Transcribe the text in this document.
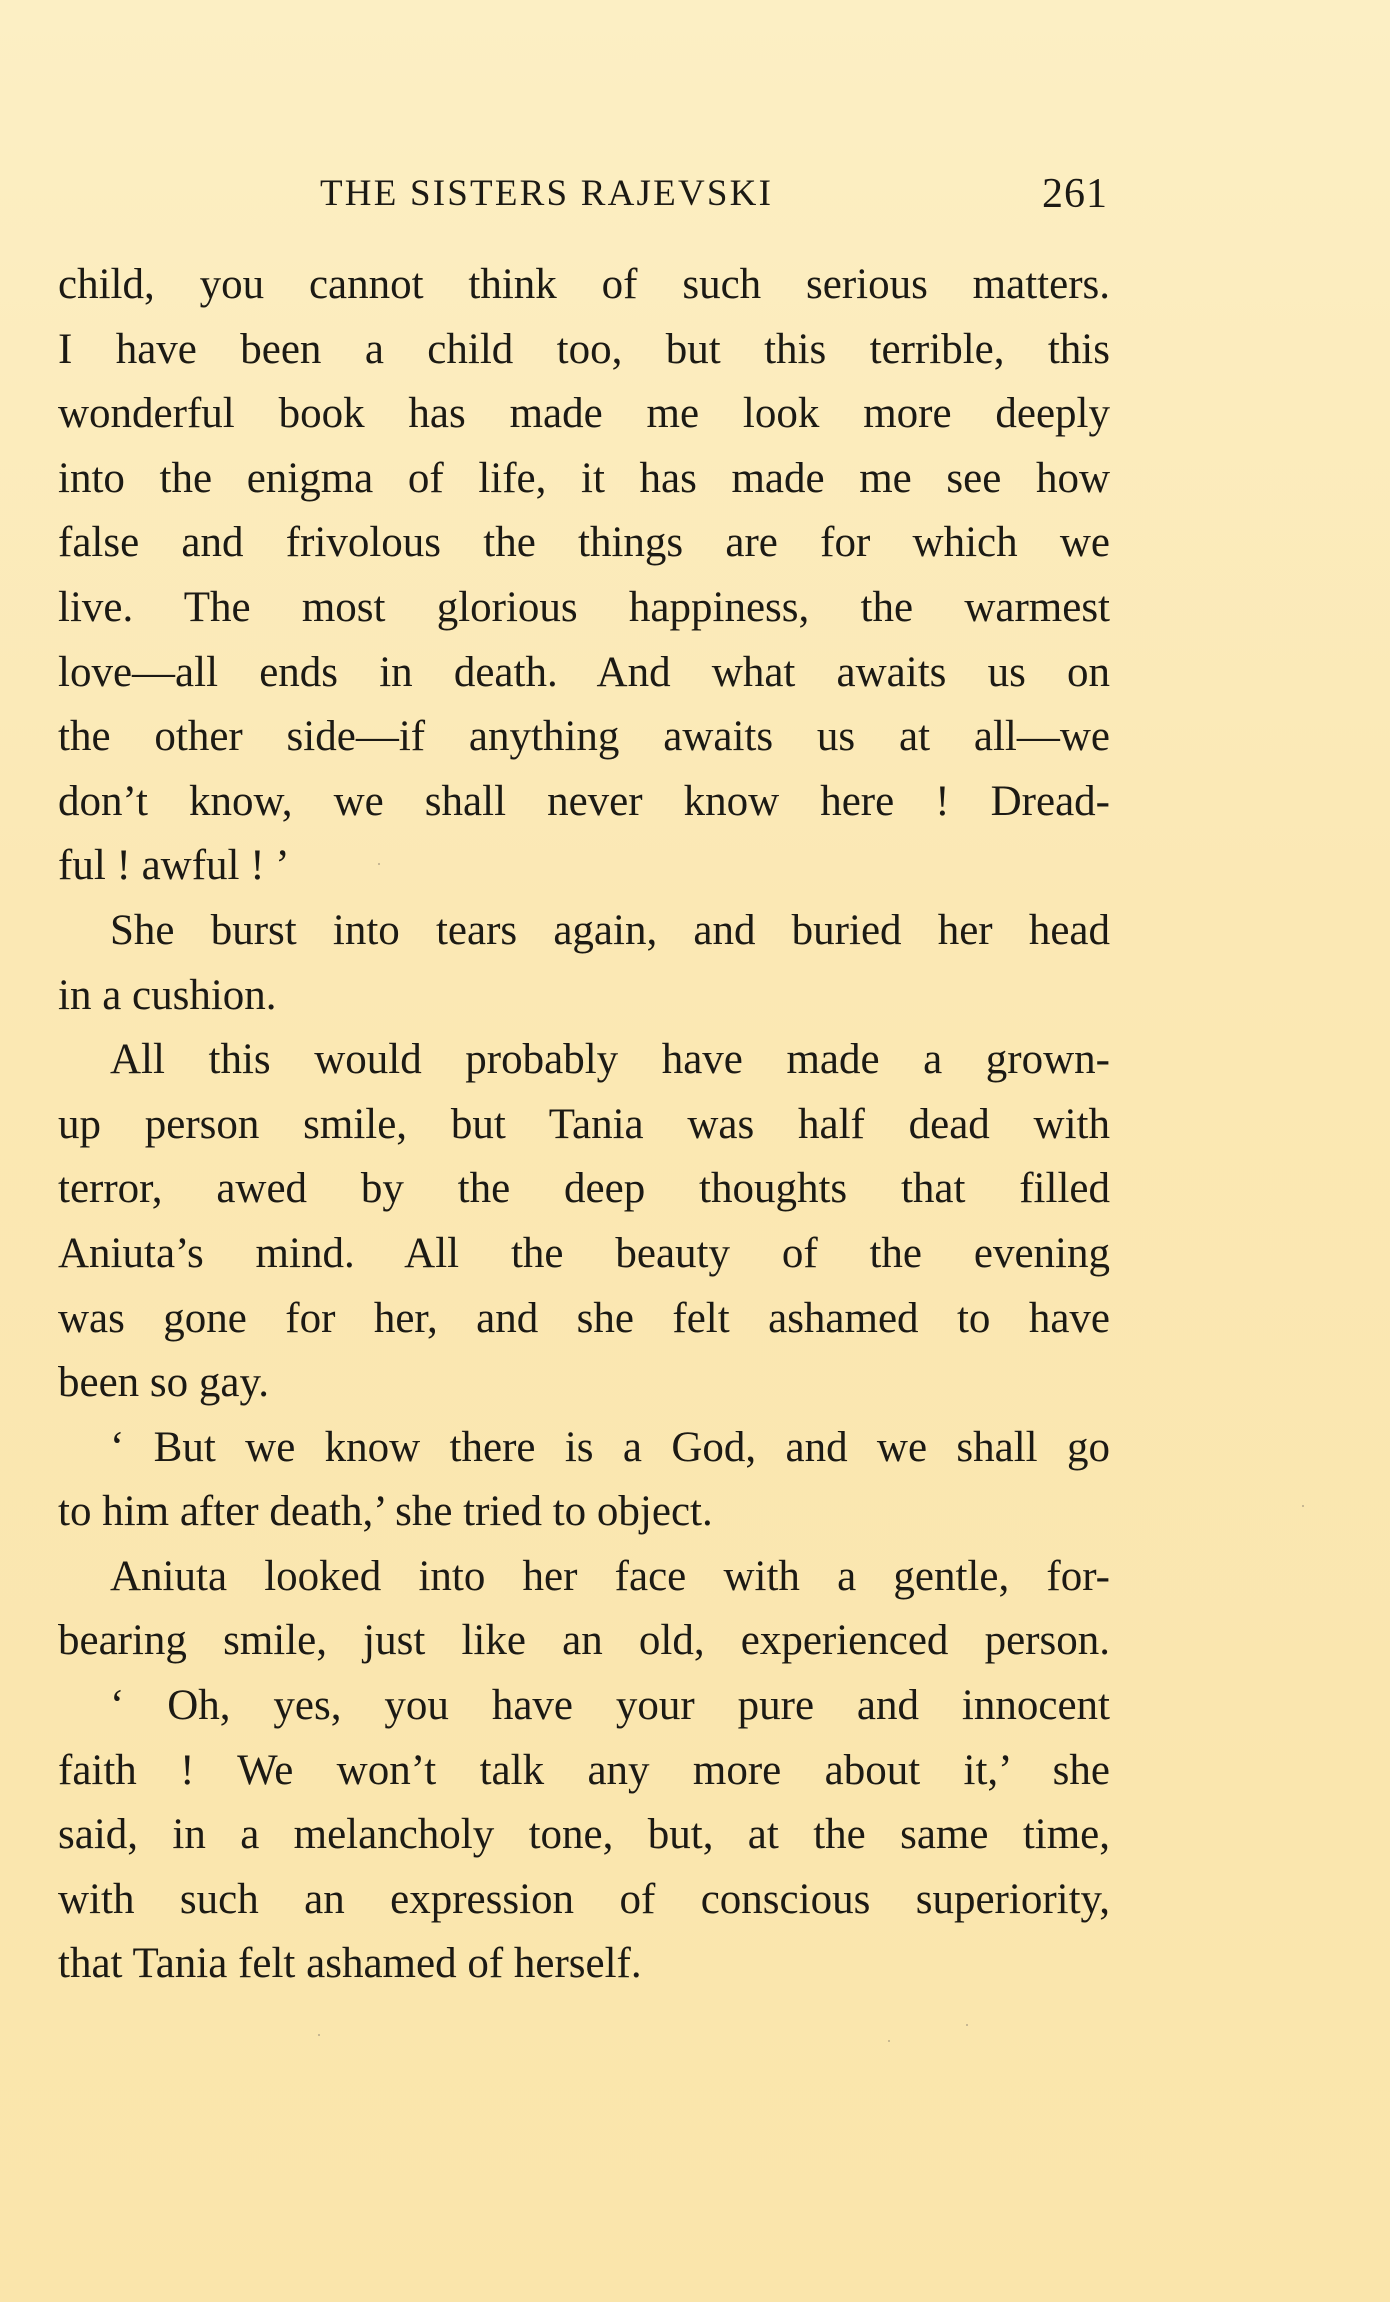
THE SISTERS RAJEVSKI	261
child, you cannot think of such serious matters.
I have been a child too, but this terrible, this
wonderful book has made me look more deeply
into the enigma of life, it has made me see how
false and frivolous the things are for which we
live. The most glorious happiness, the warmest
love—all ends in death. And what awaits us on
the other side—if anything awaits us at all—we
don’t know, we shall never know here ! Dread-
ful ! awful ! ’
She burst into tears again, and buried her head
in a cushion.
All this would probably have made a grown-
up person smile, but Tania was half dead with
terror, awed by the deep thoughts that filled
Aniuta’s mind. All the beauty of the evening
was gone for her, and she felt ashamed to have
been so gay.
‘ But we know there is a God, and we shall go
to him after death,’ she tried to object.
Aniuta looked into her face with a gentle, for-
bearing smile, just like an old, experienced person.
‘ Oh, yes, you have your pure and innocent
faith ! We won’t talk any more about it,’ she
said, in a melancholy tone, but, at the same time,
with such an expression of conscious superiority,
that Tania felt ashamed of herself.
